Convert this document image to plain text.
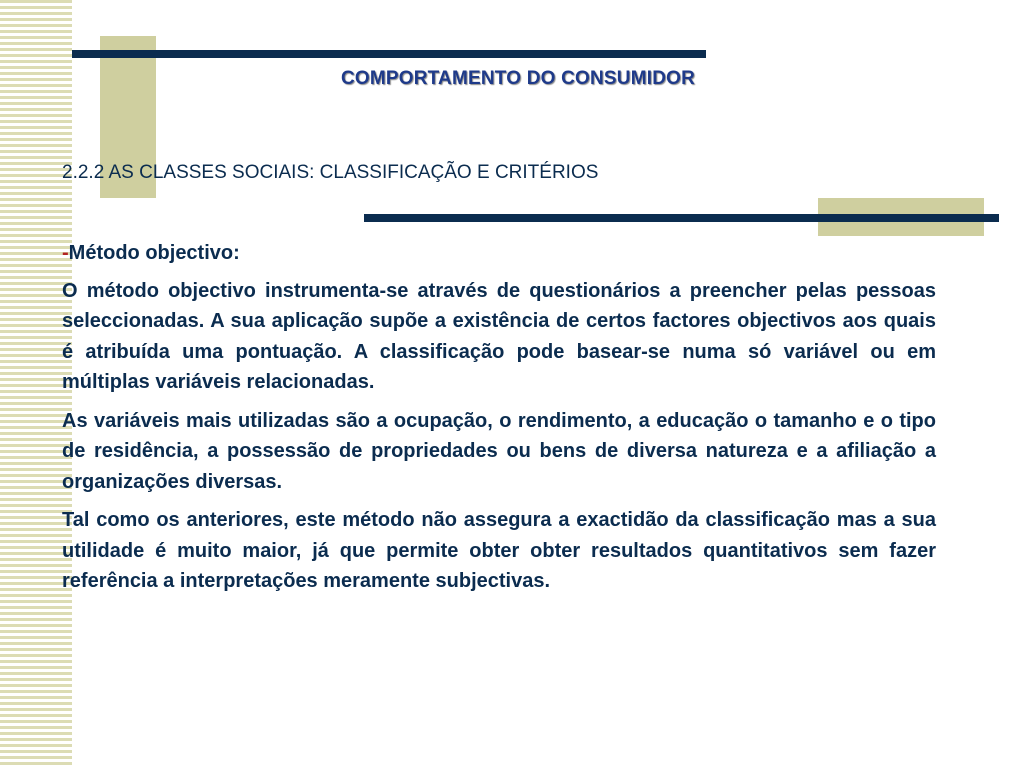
COMPORTAMENTO DO CONSUMIDOR
2.2.2 AS CLASSES SOCIAIS: CLASSIFICAÇÃO E CRITÉRIOS

-Método objectivo:

O método objectivo instrumenta-se através de questionários a preencher pelas pessoas seleccionadas. A sua aplicação supõe a existência de certos factores objectivos aos quais é atribuída uma pontuação. A classificação pode basear-se numa só variável ou em múltiplas variáveis relacionadas.

As variáveis mais utilizadas são a ocupação, o rendimento, a educação o tamanho e o tipo de residência, a possessão de propriedades ou bens de diversa natureza e a afiliação a organizações diversas.

Tal como os anteriores, este método não assegura a exactidão da classificação mas a sua utilidade é muito maior, já que permite obter obter resultados quantitativos sem fazer referência a interpretações meramente subjectivas.
